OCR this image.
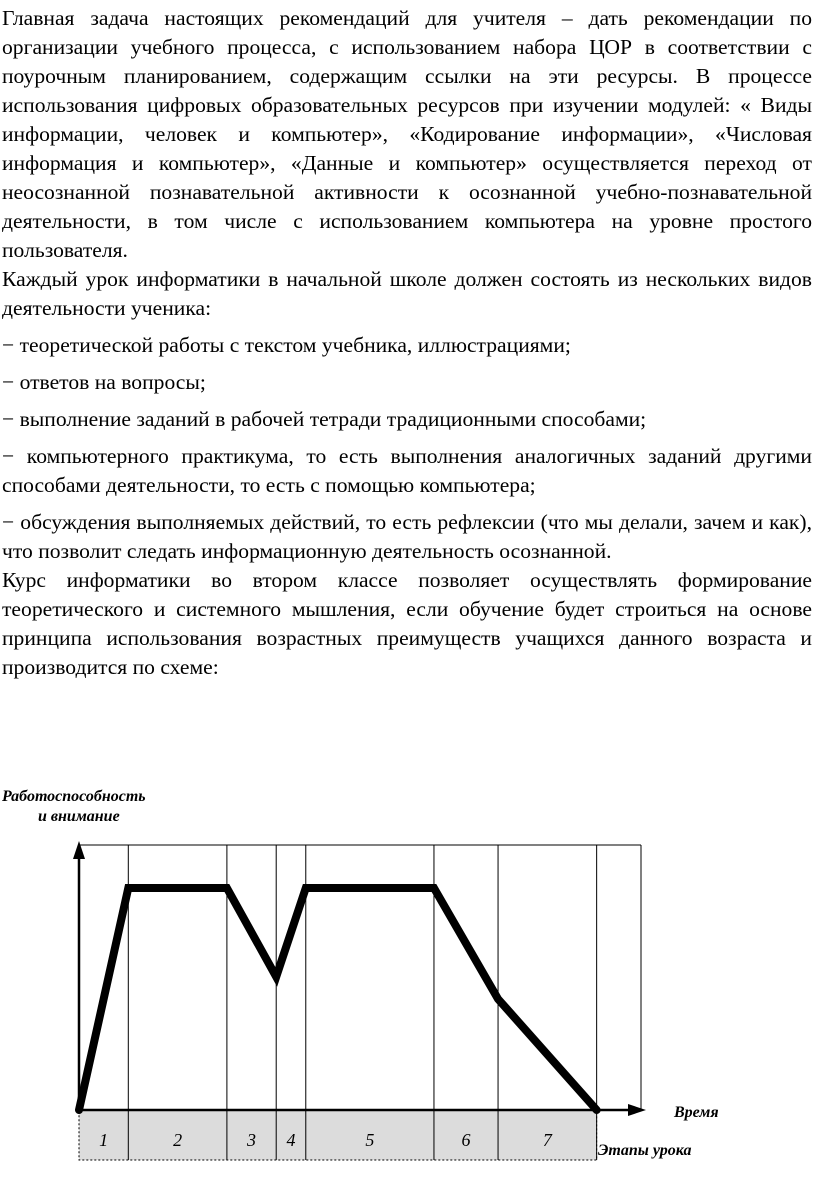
Главная задача настоящих рекомендаций для учителя – дать рекомендации по организации учебного процесса, с использованием набора ЦОР в соответствии с поурочным планированием, содержащим ссылки на эти ресурсы. В процессе использования цифровых образовательных ресурсов при изучении модулей: « Виды информации, человек и компьютер», «Кодирование информации», «Числовая информация и компьютер», «Данные и компьютер» осуществляется переход от неосознанной познавательной активности к осознанной учебно-познавательной деятельности, в том числе с использованием компьютера на уровне простого пользователя.

Каждый урок информатики в начальной школе должен состоять из нескольких видов деятельности ученика:

− теоретической работы с текстом учебника, иллюстрациями;

− ответов на вопросы;

− выполнение заданий в рабочей тетради традиционными способами;

− компьютерного практикума, то есть выполнения аналогичных заданий другими способами деятельности, то есть с помощью компьютера;

− обсуждения выполняемых действий, то есть рефлексии (что мы делали, зачем и как), что позволит следать информационную деятельность осознанной.

Курс информатики во втором классе позволяет осуществлять формирование теоретического и системного мышления, если обучение будет строиться на основе принципа использования возрастных преимуществ учащихся данного возраста и производится по схеме:

Работоспособность
и внимание
Время
Этапы урока
1	2	3 4	5	6	7
